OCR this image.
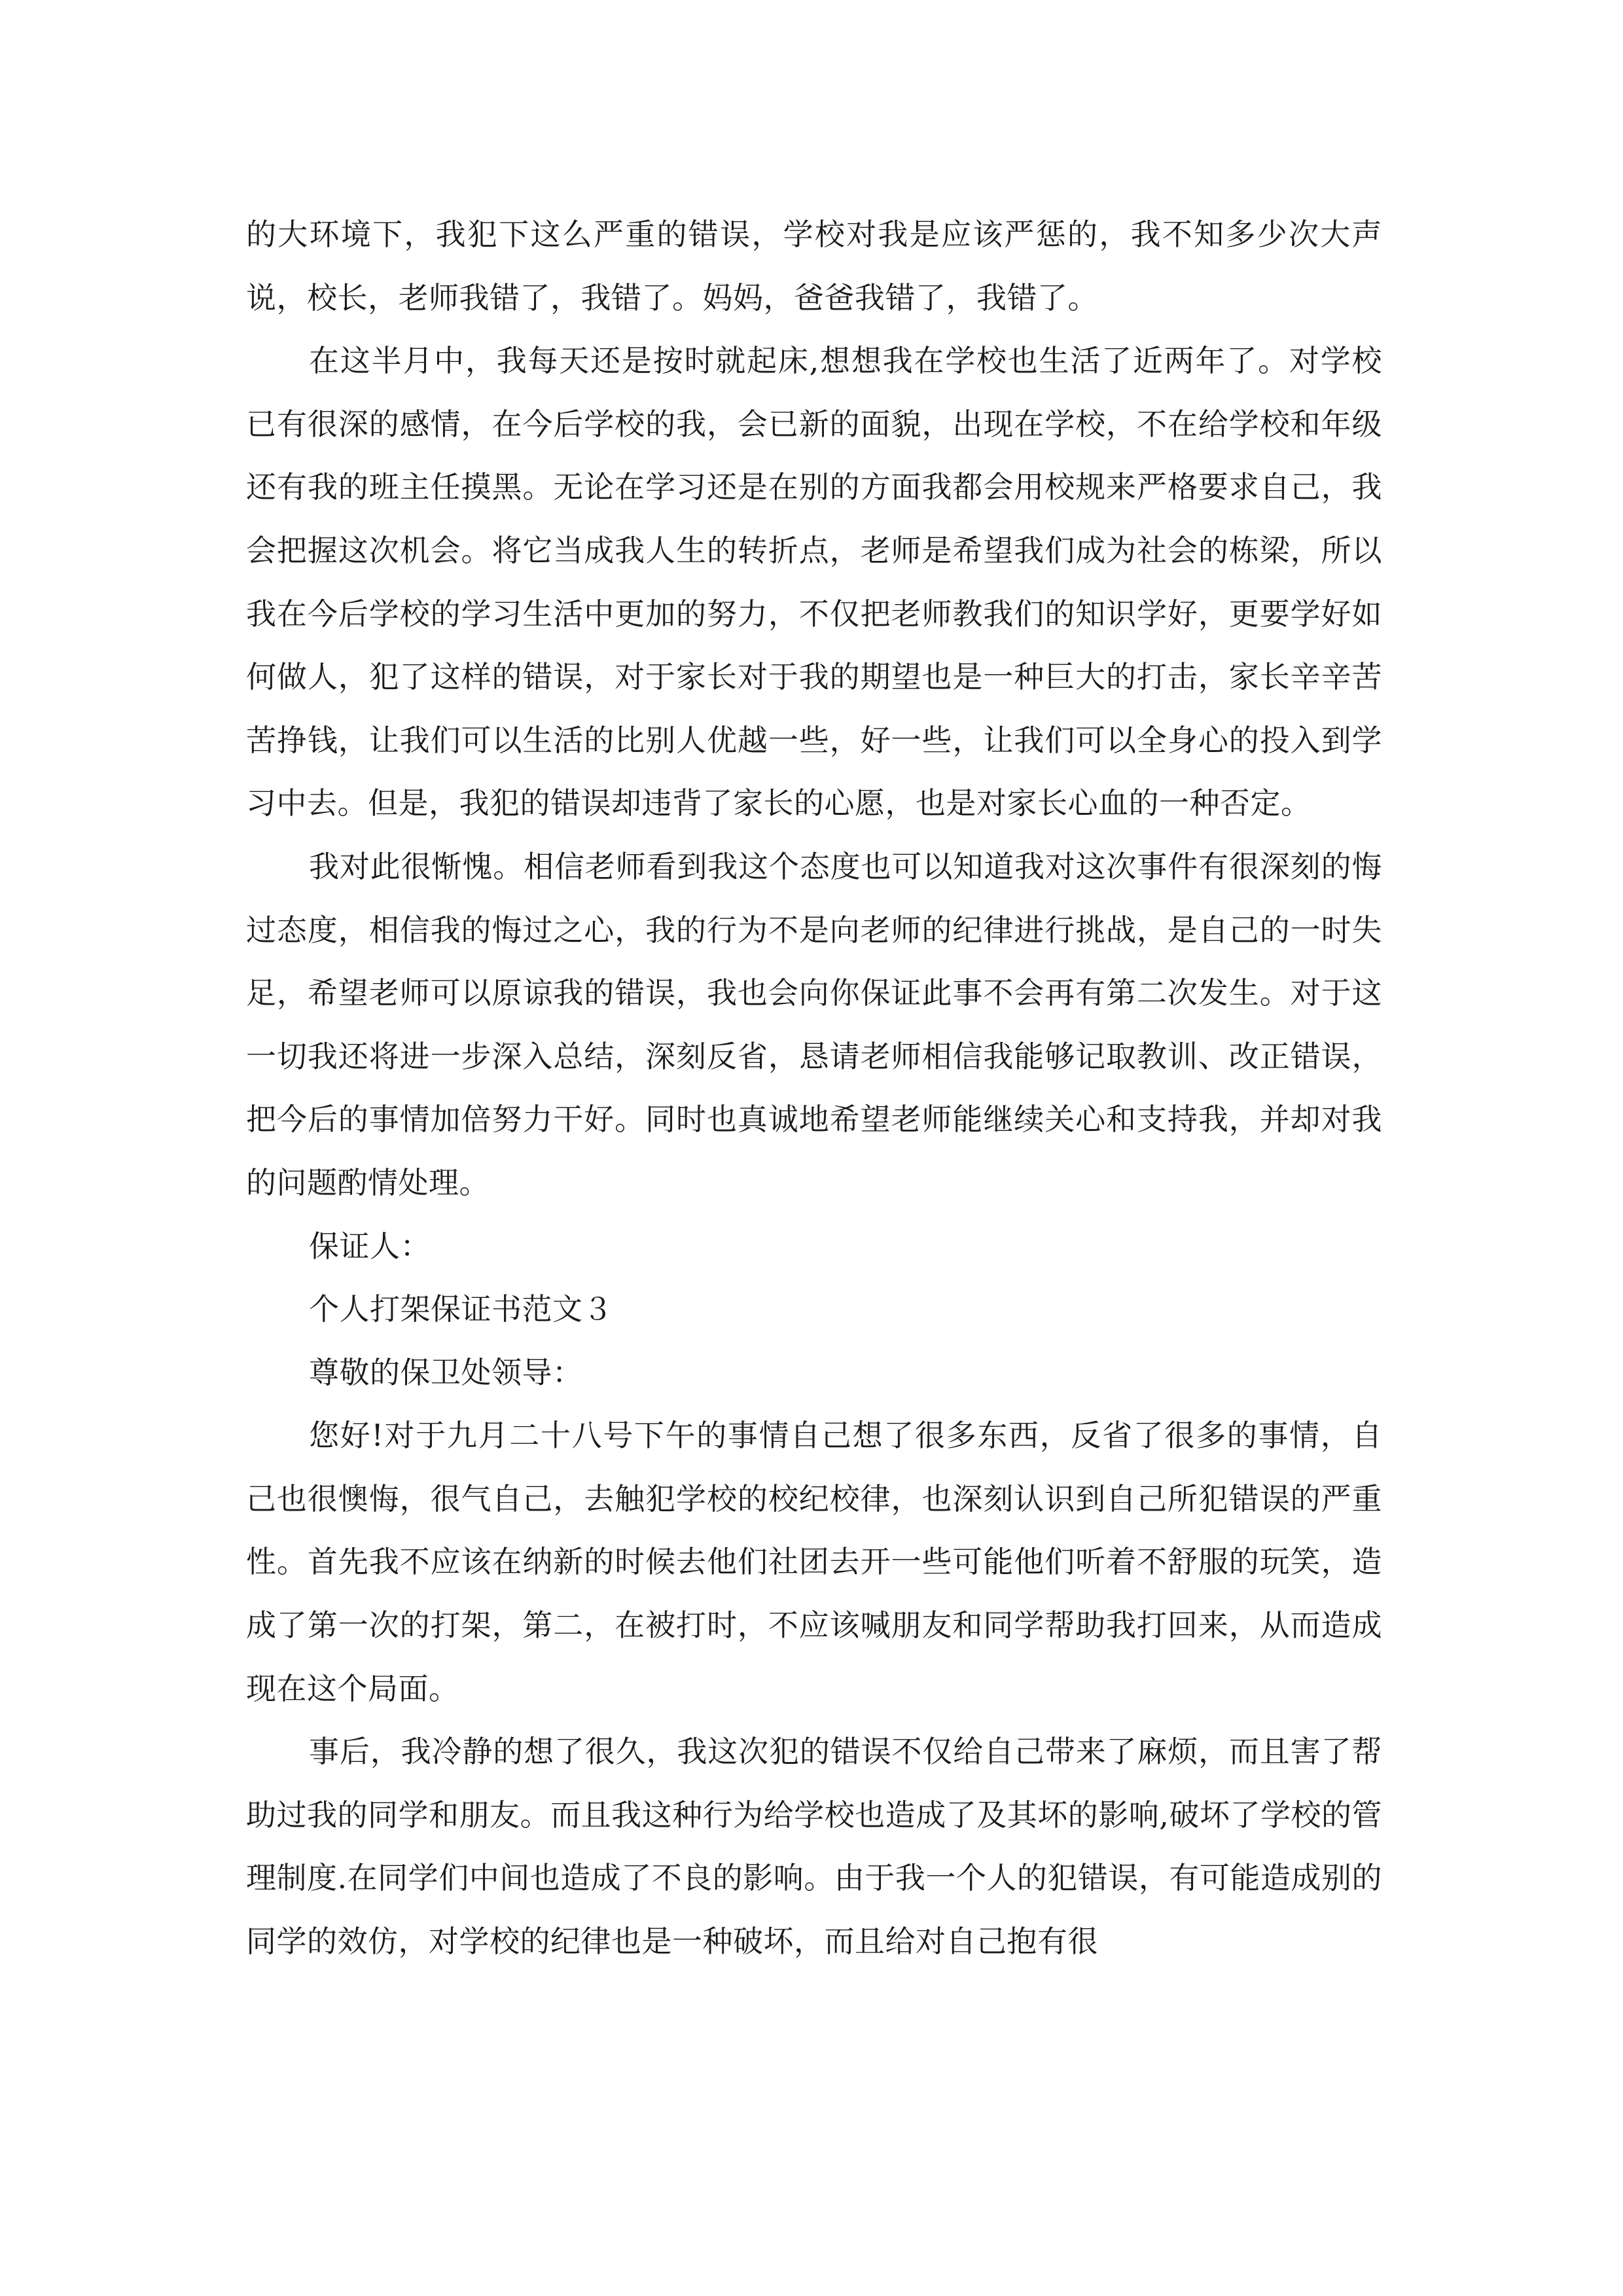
的大环境下，我犯下这么严重的错误，学校对我是应该严惩的，我不知多少次大声说，校长，老师我错了，我错了。妈妈，爸爸我错了，我错了。

在这半月中，我每天还是按时就起床,想想我在学校也生活了近两年了。对学校已有很深的感情，在今后学校的我，会已新的面貌，出现在学校，不在给学校和年级还有我的班主任摸黑。无论在学习还是在别的方面我都会用校规来严格要求自己，我会把握这次机会。将它当成我人生的转折点，老师是希望我们成为社会的栋梁，所以我在今后学校的学习生活中更加的努力，不仅把老师教我们的知识学好，更要学好如何做人，犯了这样的错误，对于家长对于我的期望也是一种巨大的打击，家长辛辛苦苦挣钱，让我们可以生活的比别人优越一些，好一些，让我们可以全身心的投入到学习中去。但是，我犯的错误却违背了家长的心愿，也是对家长心血的一种否定。

我对此很惭愧。相信老师看到我这个态度也可以知道我对这次事件有很深刻的悔过态度，相信我的悔过之心，我的行为不是向老师的纪律进行挑战，是自己的一时失足，希望老师可以原谅我的错误，我也会向你保证此事不会再有第二次发生。对于这一切我还将进一步深入总结，深刻反省，恳请老师相信我能够记取教训、改正错误，把今后的事情加倍努力干好。同时也真诚地希望老师能继续关心和支持我，并却对我的问题酌情处理。

保证人：

个人打架保证书范文３

尊敬的保卫处领导：

您好!对于九月二十八号下午的事情自己想了很多东西，反省了很多的事情，自己也很懊悔，很气自己，去触犯学校的校纪校律，也深刻认识到自己所犯错误的严重性。首先我不应该在纳新的时候去他们社团去开一些可能他们听着不舒服的玩笑，造成了第一次的打架，第二，在被打时，不应该喊朋友和同学帮助我打回来，从而造成现在这个局面。

事后，我冷静的想了很久，我这次犯的错误不仅给自己带来了麻烦，而且害了帮助过我的同学和朋友。而且我这种行为给学校也造成了及其坏的影响,破坏了学校的管理制度.在同学们中间也造成了不良的影响。由于我一个人的犯错误，有可能造成别的同学的效仿，对学校的纪律也是一种破坏，而且给对自己抱有很
